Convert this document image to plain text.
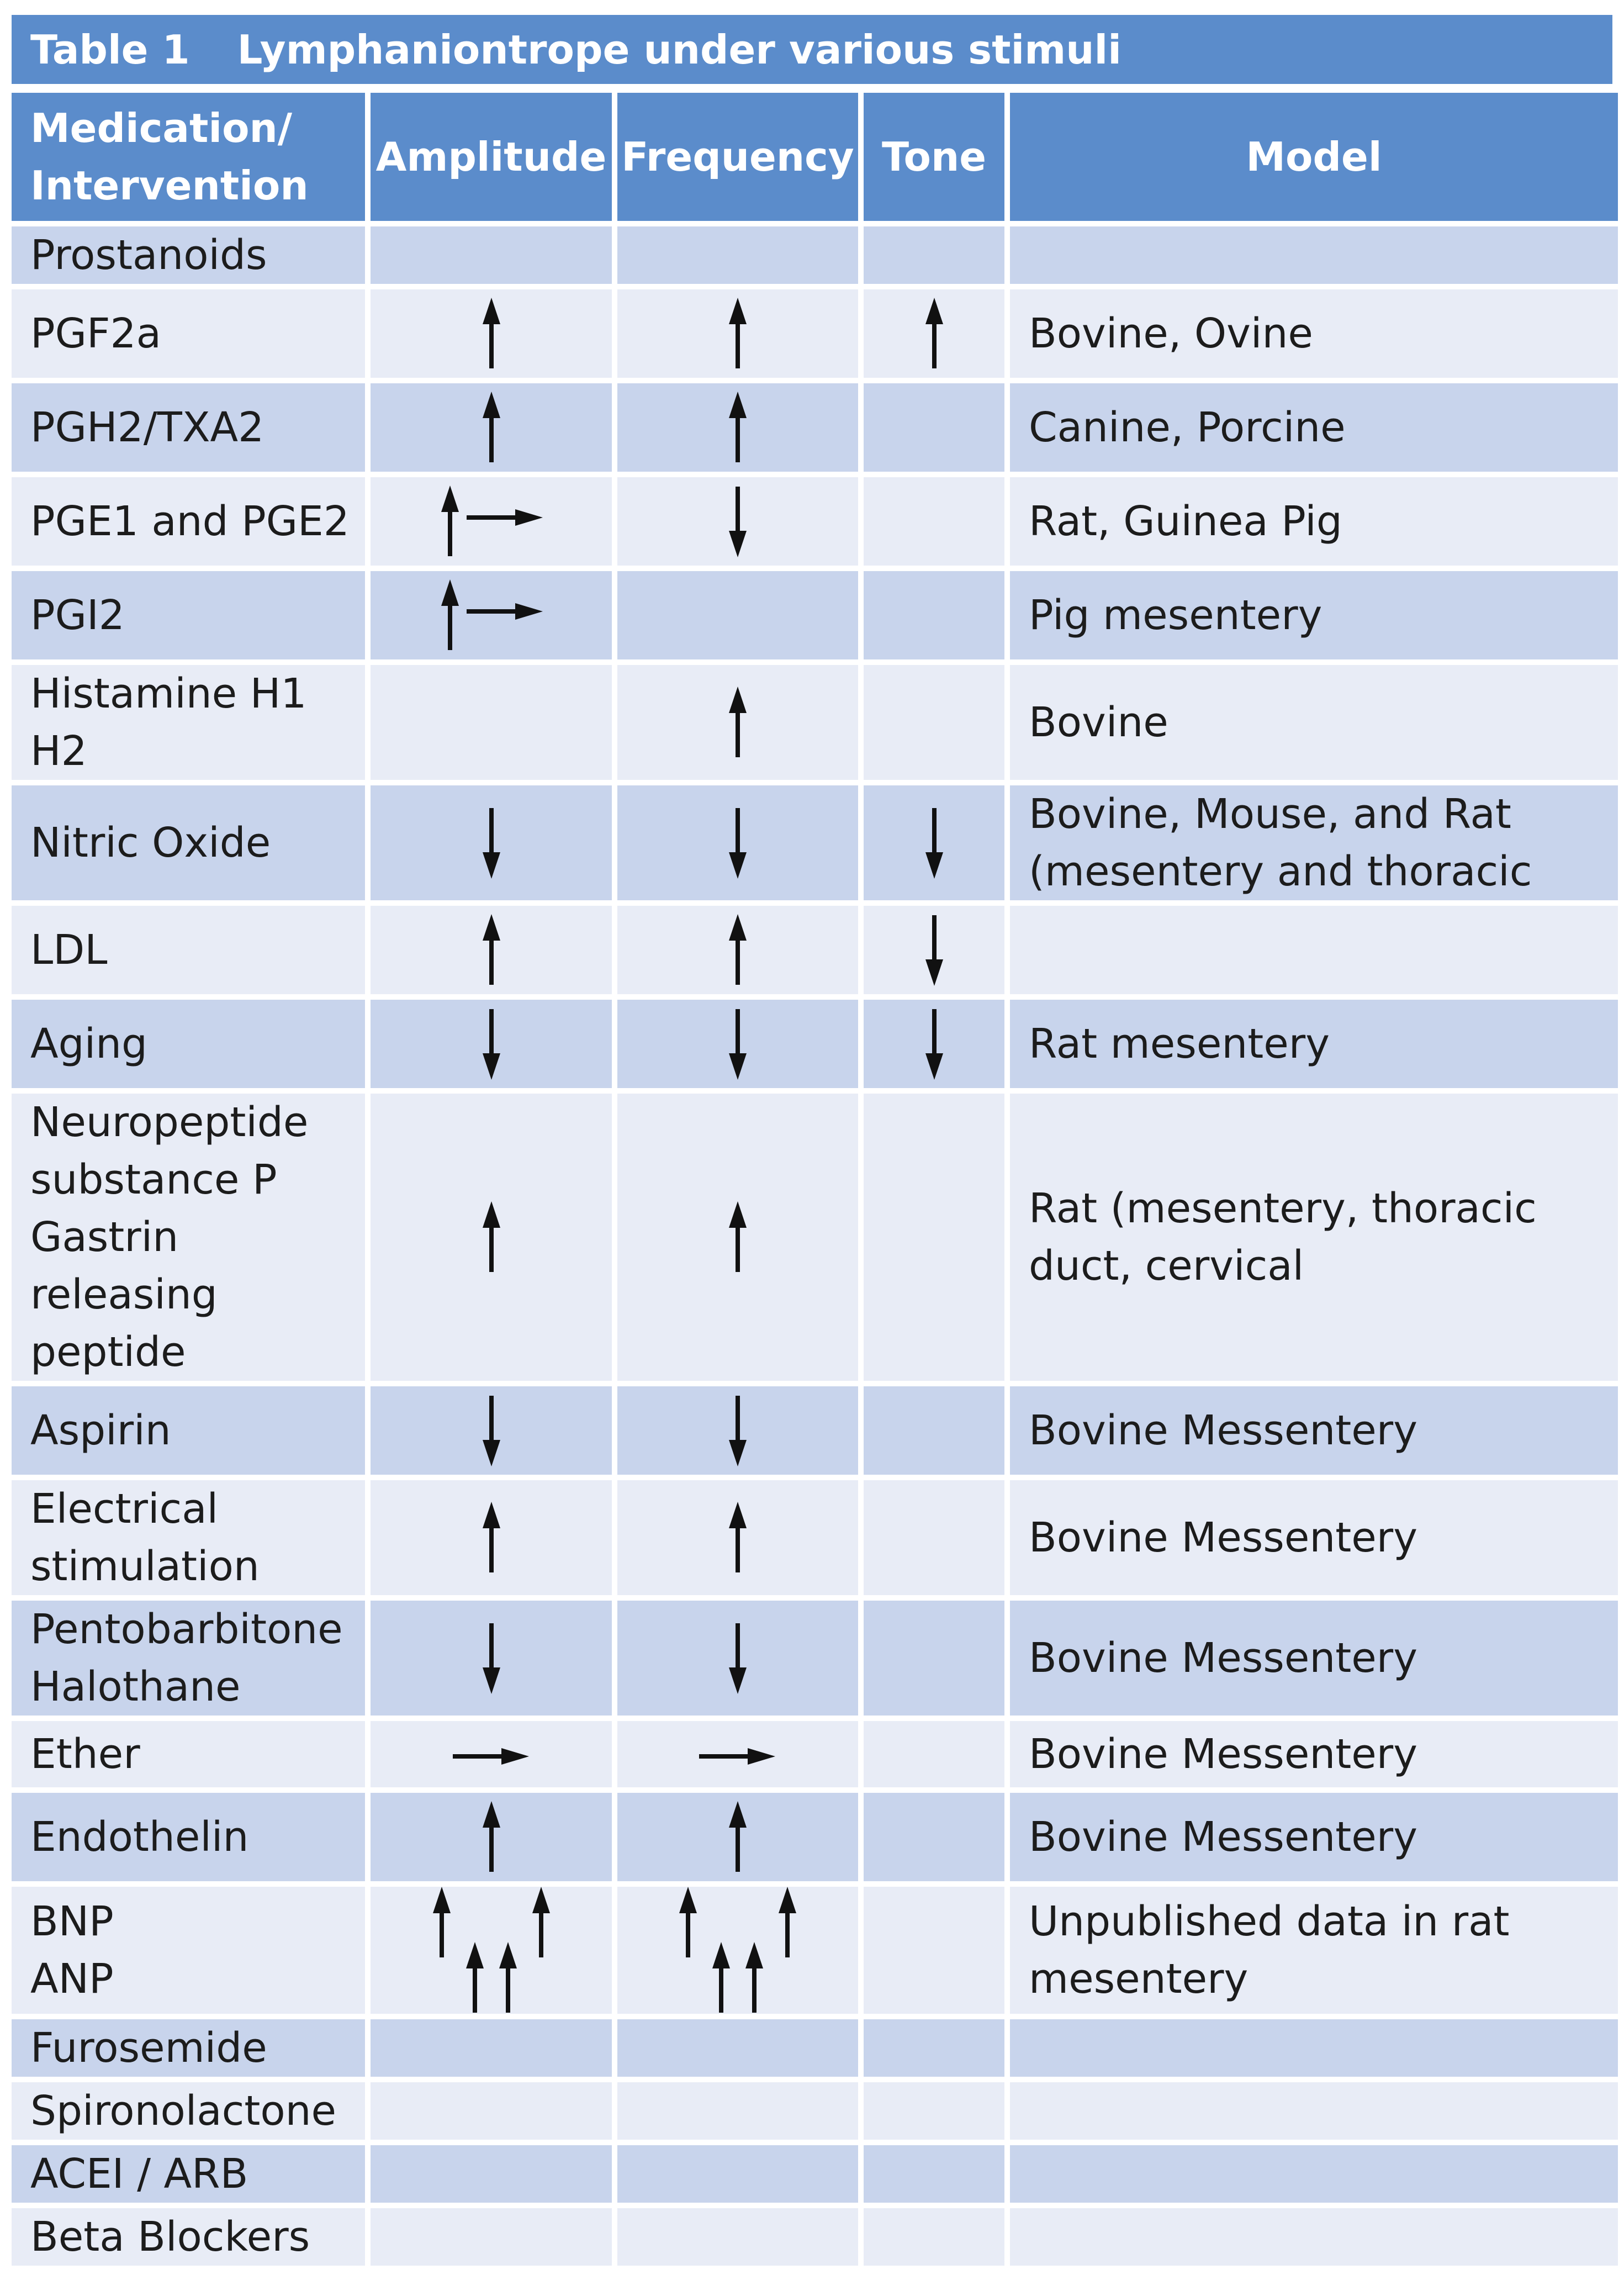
Table 1 Lymphaniontrope under various stimuli
Medication/ Intervention	Amplitude	Frequency	Tone	Model

Prostanoids				

PGF2a				Bovine, Ovine

PGH2/TXA2				Canine, Porcine

PGE1 and PGE2				Rat, Guinea Pig

PGI2				Pig mesentery

Histamine H1
H2				Bovine

Nitric Oxide				Bovine, Mouse, and Rat
(mesentery and thoracic

LDL

Aging				Rat mesentery

Neuropeptide
substance P
Gastrin
releasing
peptide				Rat (mesentery, thoracic
duct, cervical

Aspirin				Bovine Messentery

Electrical
stimulation				Bovine Messentery

Pentobarbitone
Halothane				Bovine Messentery

Ether				Bovine Messentery

Endothelin				Bovine Messentery

BNP
ANP				Unpublished data in rat
mesentery

Furosemide				

Spironolactone				

ACEI / ARB				

Beta Blockers				
